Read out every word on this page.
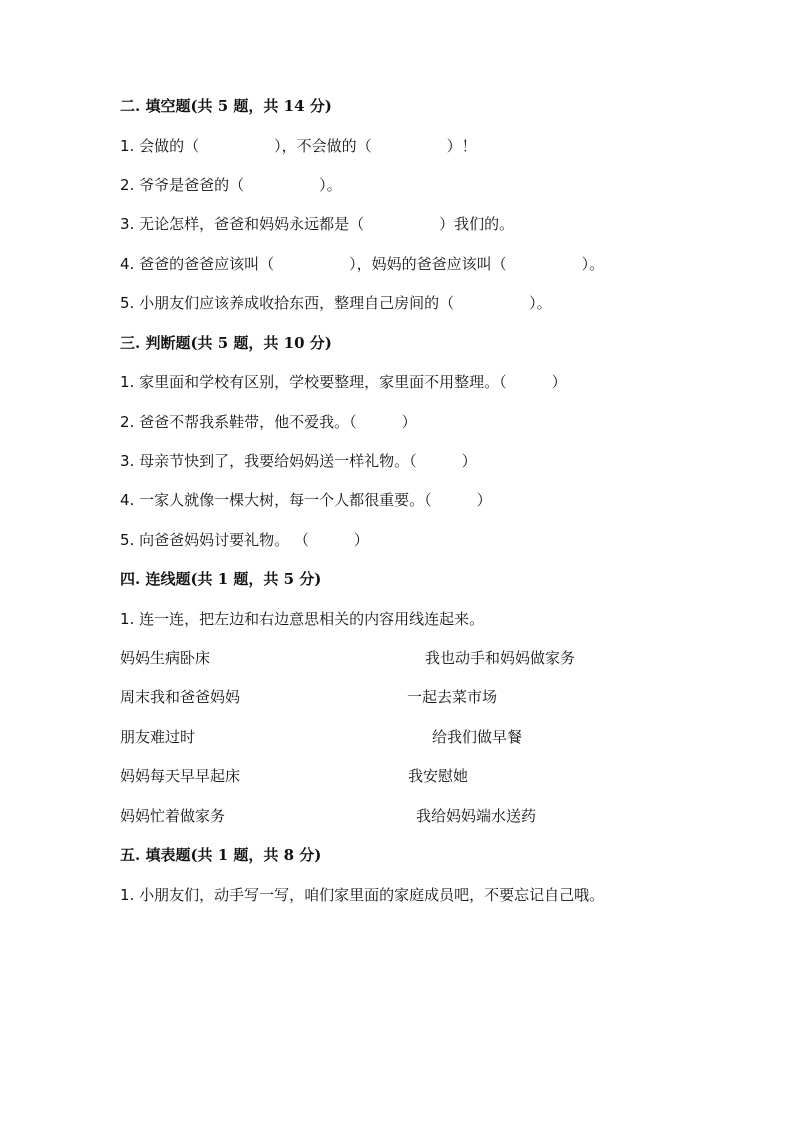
二. 填空题(共 5 题，共 14 分)
1. 会做的（　　　　　），不会做的（　　　　　）！
2. 爷爷是爸爸的（　　　　　）。
3. 无论怎样，爸爸和妈妈永远都是（　　　　　）我们的。
4. 爸爸的爸爸应该叫（　　　　　），妈妈的爸爸应该叫（　　　　　）。
5. 小朋友们应该养成收拾东西，整理自己房间的（　　　　　）。
三. 判断题(共 5 题，共 10 分)
1. 家里面和学校有区别，学校要整理，家里面不用整理。（　　　）
2. 爸爸不帮我系鞋带，他不爱我。（　　　）
3. 母亲节快到了，我要给妈妈送一样礼物。（　　　）
4. 一家人就像一棵大树，每一个人都很重要。（　　　）
5. 向爸爸妈妈讨要礼物。 （　　　）
四. 连线题(共 1 题，共 5 分)
1. 连一连，把左边和右边意思相关的内容用线连起来。
妈妈生病卧床	我也动手和妈妈做家务
周末我和爸爸妈妈	一起去菜市场
朋友难过时	给我们做早餐
妈妈每天早早起床	我安慰她
妈妈忙着做家务	我给妈妈端水送药
五. 填表题(共 1 题，共 8 分)
1. 小朋友们，动手写一写，咱们家里面的家庭成员吧，不要忘记自己哦。
